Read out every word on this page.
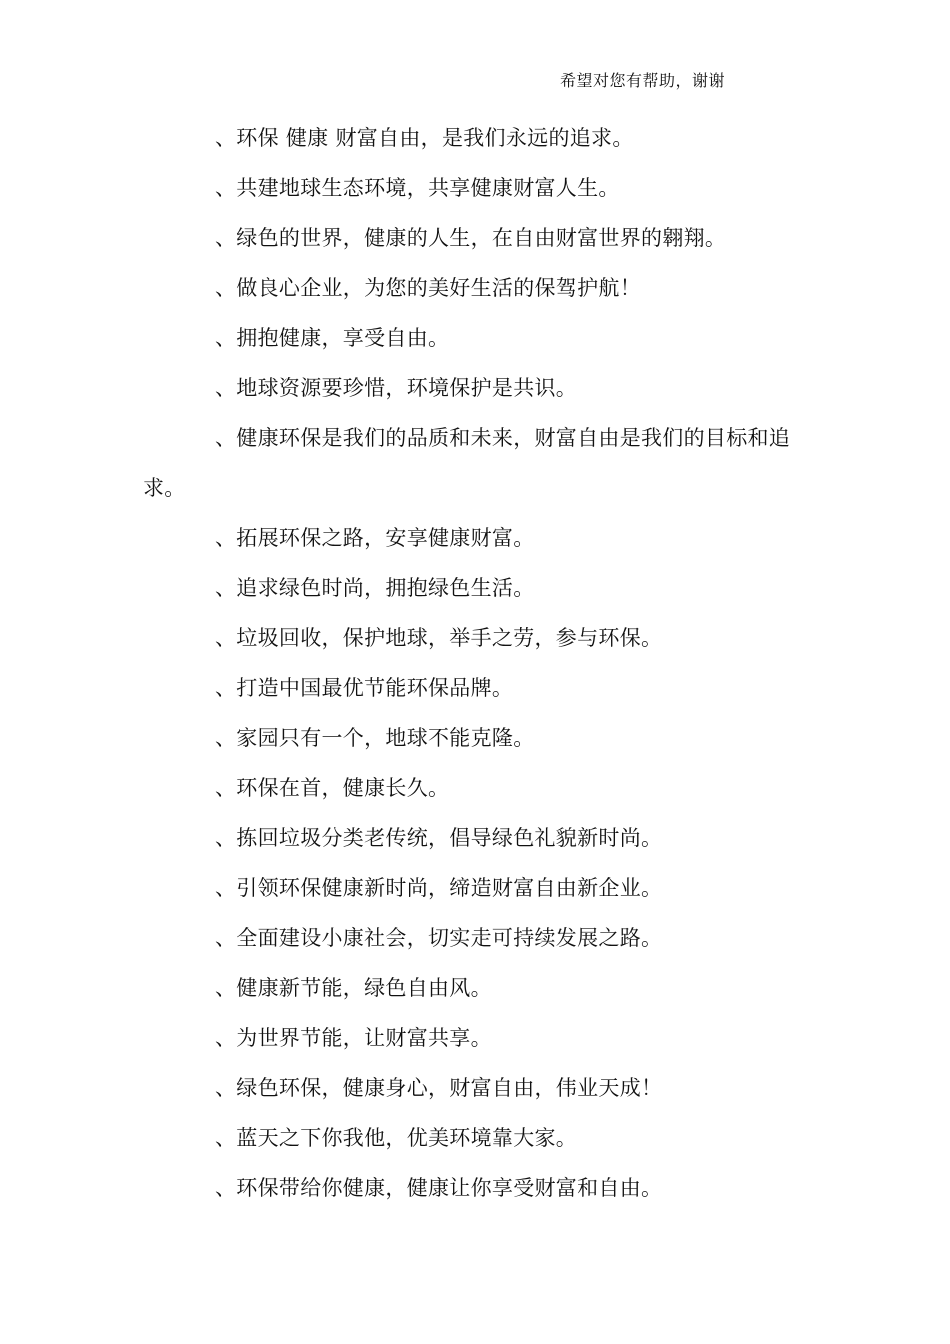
希望对您有帮助，谢谢
、环保 健康 财富自由，是我们永远的追求。
、共建地球生态环境，共享健康财富人生。
、绿色的世界，健康的人生，在自由财富世界的翱翔。
、做良心企业，为您的美好生活的保驾护航！
、拥抱健康，享受自由。
、地球资源要珍惜，环境保护是共识。
、健康环保是我们的品质和未来，财富自由是我们的目标和追求。
、拓展环保之路，安享健康财富。
、追求绿色时尚，拥抱绿色生活。
、垃圾回收，保护地球，举手之劳，参与环保。
、打造中国最优节能环保品牌。
、家园只有一个，地球不能克隆。
、环保在首，健康长久。
、拣回垃圾分类老传统，倡导绿色礼貌新时尚。
、引领环保健康新时尚，缔造财富自由新企业。
、全面建设小康社会，切实走可持续发展之路。
、健康新节能，绿色自由风。
、为世界节能，让财富共享。
、绿色环保，健康身心，财富自由，伟业天成！
、蓝天之下你我他，优美环境靠大家。
、环保带给你健康，健康让你享受财富和自由。
